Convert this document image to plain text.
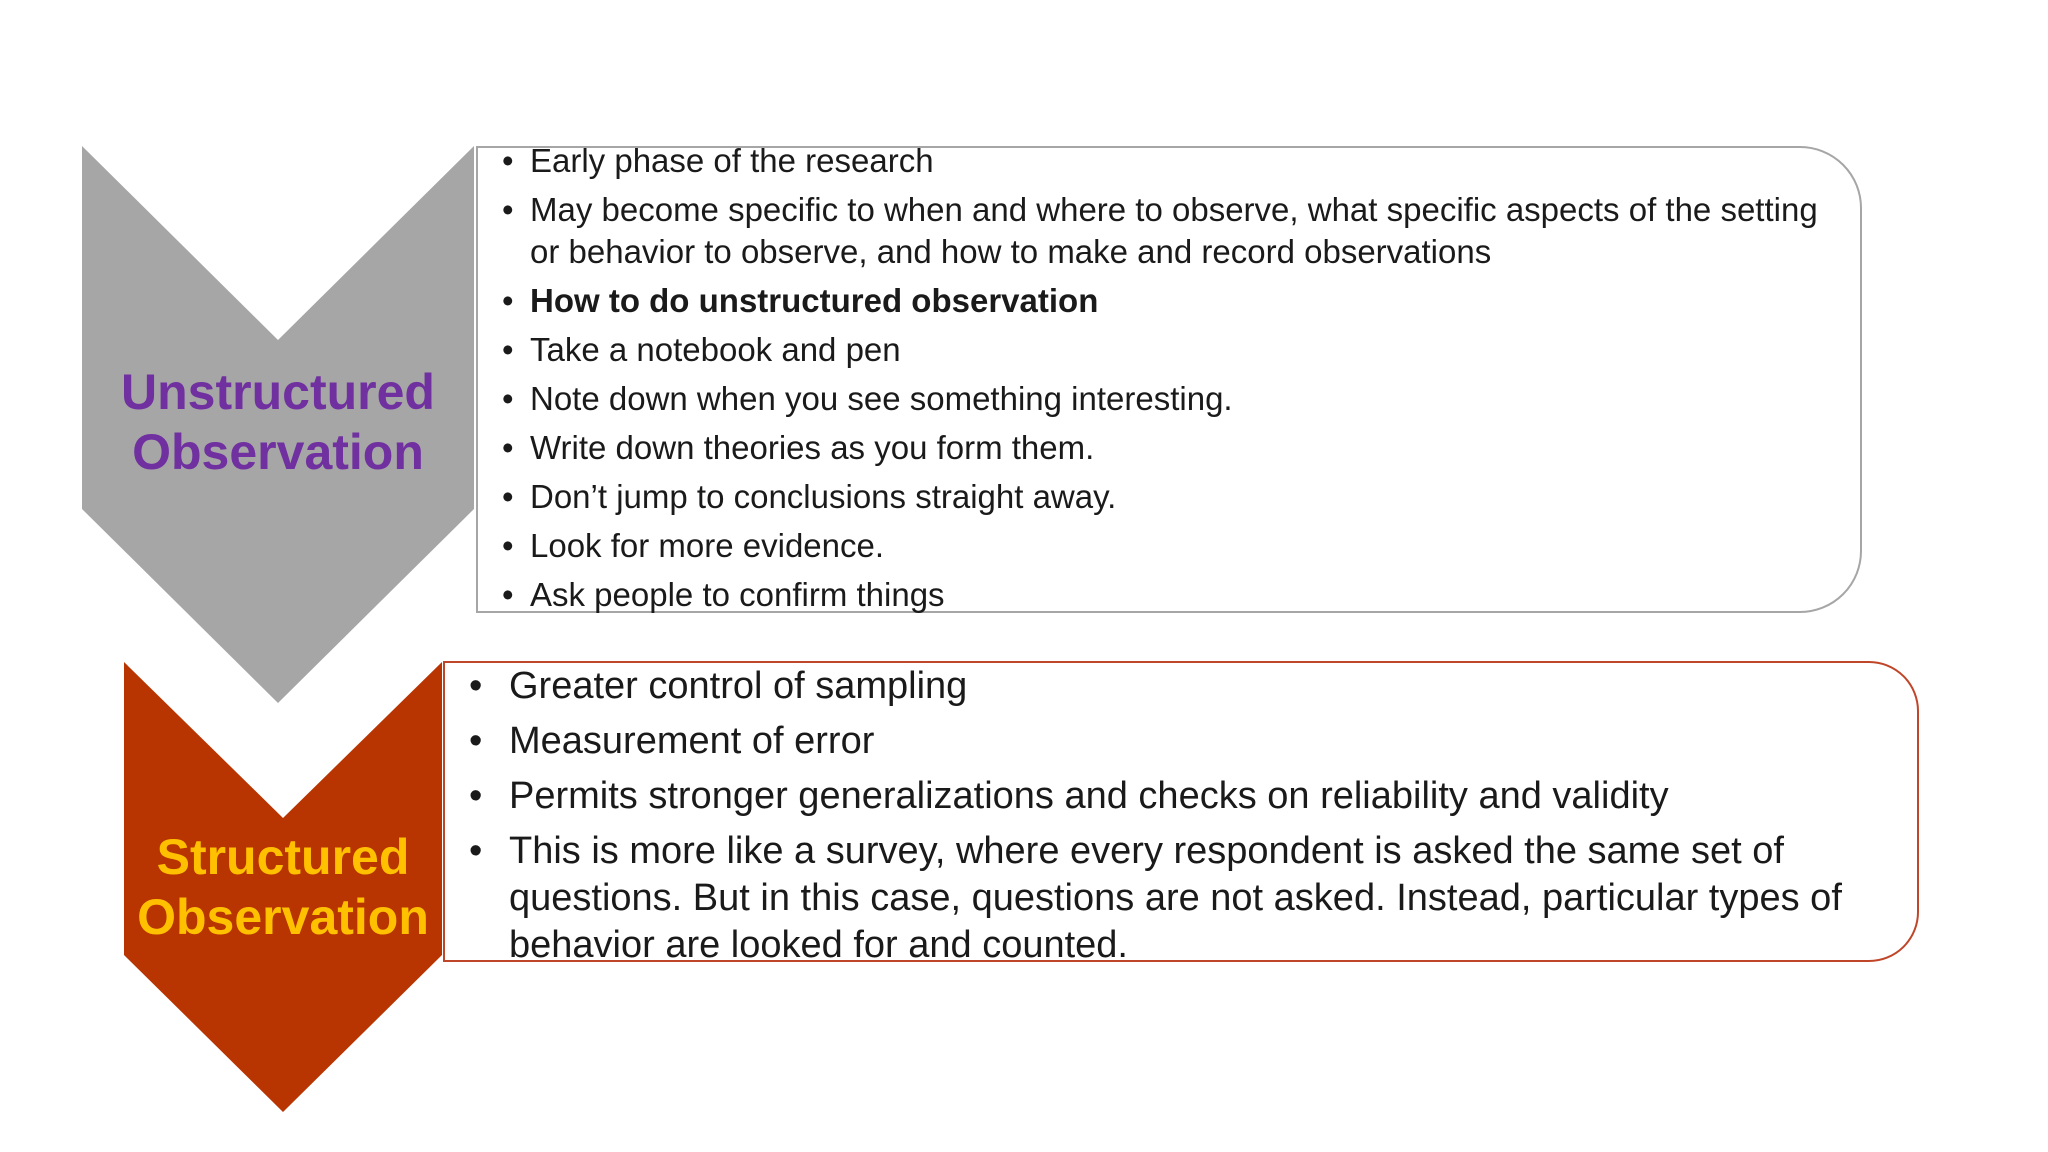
Unstructured
Observation
• Early phase of the research
• May become specific to when and where to observe, what specific aspects of the setting or behavior to observe, and how to make and record observations
• How to do unstructured observation
• Take a notebook and pen
• Note down when you see something interesting.
• Write down theories as you form them.
• Don’t jump to conclusions straight away.
• Look for more evidence.
• Ask people to confirm things
Structured
Observation
• Greater control of sampling
• Measurement of error
• Permits stronger generalizations and checks on reliability and validity
• This is more like a survey, where every respondent is asked the same set of questions. But in this case, questions are not asked. Instead, particular types of behavior are looked for and counted.
